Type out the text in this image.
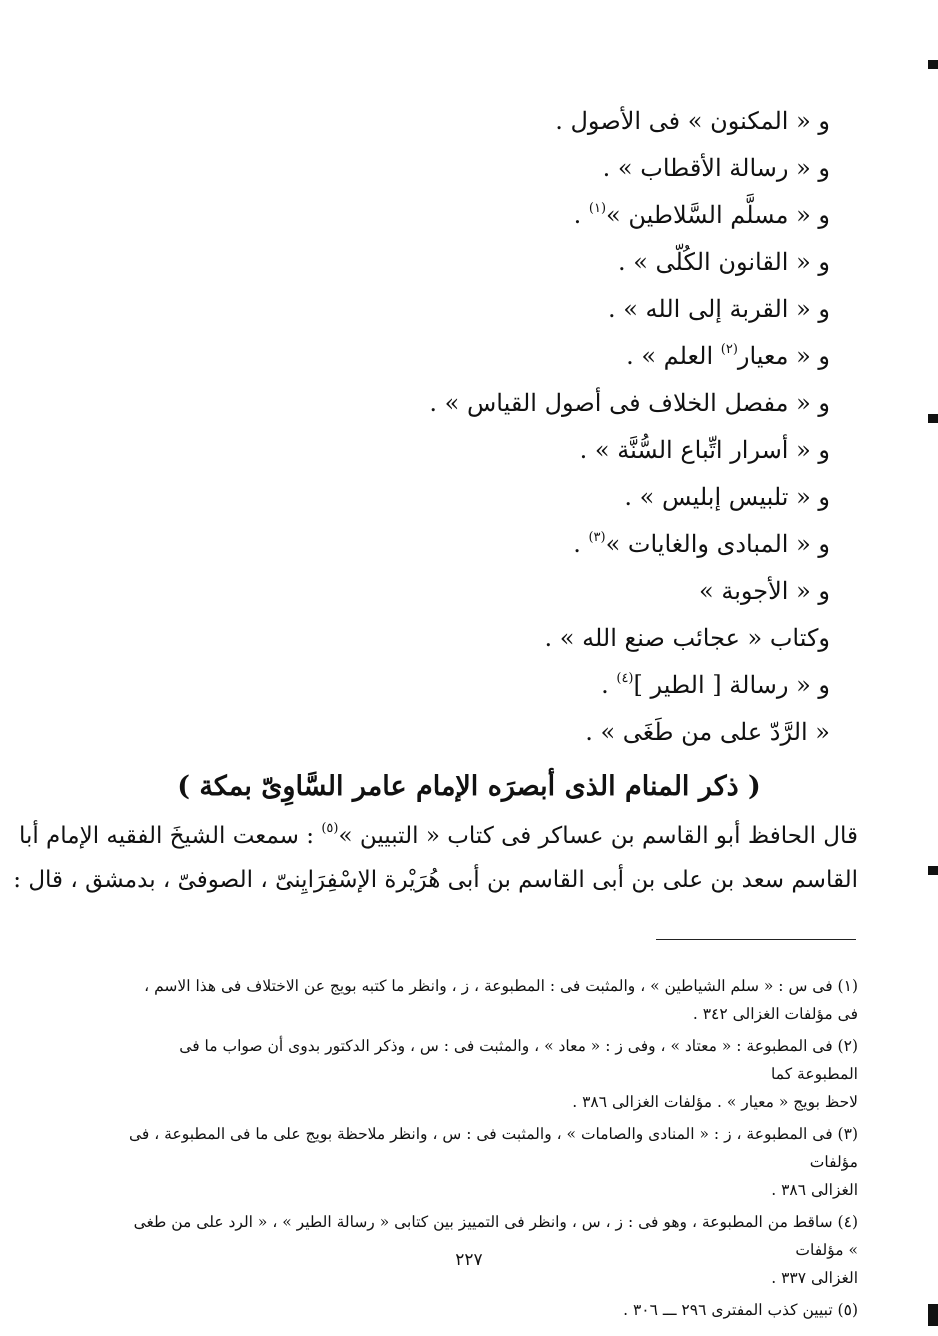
و « المكنون » فى الأصول .
و « رسالة الأقطاب » .
و « مسلَّم السَّلاطين »$^{(١)}$ .
و « القانون الكُلّى » .
و « القربة إلى الله » .
و « معيار$^{(٢)}$ العلم » .
و « مفصل الخلاف فى أصول القياس » .
و « أسرار اتِّباع السُّنَّة » .
و « تلبيس إبليس » .
و « المبادى والغايات »$^{(٣)}$ .
و « الأجوبة »
وكتاب « عجائب صنع الله » .
و « رسالة [ الطير ]$^{(٤)}$ .
« الرَّدّ على من طَغَى » .
( ذكر المنام الذى أبصرَه الإمام عامر السَّاوِىّ بمكة )

قال الحافظ أبو القاسم بن عساكر فى كتاب « التبيين »$^{(٥)}$ : سمعت الشيخَ الفقيه الإمام أبا

القاسم سعد بن على بن أبى القاسم بن أبى هُرَيْرة الإسْفِرَايِنىّ ، الصوفىّ ، بدمشق ، قال :

(١) فى س : « سلم الشياطين » ، والمثبت فى : المطبوعة ، ز ، وانظر ما كتبه بويج عن الاختلاف فى هذا الاسم ،
فى مؤلفات الغزالى ٣٤٢ .
(٢) فى المطبوعة : « معتاد » ، وفى ز : « معاد » ، والمثبت فى : س ، وذكر الدكتور بدوى أن صواب ما فى المطبوعة كما
لاحظ بويج « معيار » . مؤلفات الغزالى ٣٨٦ .
(٣) فى المطبوعة ، ز : « المنادى والصامات » ، والمثبت فى : س ، وانظر ملاحظة بويج على ما فى المطبوعة ، فى مؤلفات
الغزالى ٣٨٦ .
(٤) ساقط من المطبوعة ، وهو فى : ز ، س ، وانظر فى التمييز بين كتابى « رسالة الطير » ، « الرد على من طغى » مؤلفات
الغزالى ٣٣٧ .
(٥) تبيين كذب المفترى ٢٩٦ ـــ ٣٠٦ .
٢٢٧
